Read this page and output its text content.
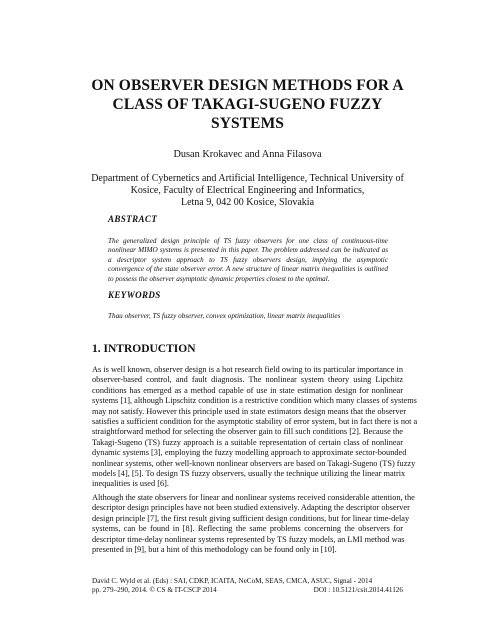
ON OBSERVER DESIGN METHODS FOR A
CLASS OF TAKAGI-SUGENO FUZZY
SYSTEMS
Dusan Krokavec and Anna Filasova
Department of Cybernetics and Artificial Intelligence, Technical University of
Kosice, Faculty of Electrical Engineering and Informatics,
Letna 9, 042 00 Kosice, Slovakia
ABSTRACT
The generalized design principle of TS fuzzy observers for one class of continuous-time
nonlinear MIMO systems is presented in this paper. The problem addressed can be indicated as
a descriptor system approach to TS fuzzy observers design, implying the asymptotic
convergence of the state observer error. A new structure of linear matrix inequalities is outlined
to possess the observer asymptotic dynamic properties closest to the optimal.
KEYWORDS
Thau observer, TS fuzzy observer, convex optimization, linear matrix inequalities
1. INTRODUCTION
As is well known, observer design is a hot research field owing to its particular importance in
observer-based control, and fault diagnosis. The nonlinear system theory using Lipchitz
conditions has emerged as a method capable of use in state estimation design for nonlinear
systems [1], although Lipschitz condition is a restrictive condition which many classes of systems
may not satisfy. However this principle used in state estimators design means that the observer
satisfies a sufficient condition for the asymptotic stability of error system, but in fact there is not a
straightforward method for selecting the observer gain to fill such conditions [2]. Because the
Takagi-Sugeno (TS) fuzzy approach is a suitable representation of certain class of nonlinear
dynamic systems [3], employing the fuzzy modelling approach to approximate sector-bounded
nonlinear systems, other well-known nonlinear observers are based on Takagi-Sugeno (TS) fuzzy
models [4], [5]. To design TS fuzzy observers, usually the technique utilizing the linear matrix
inequalities is used [6].
Although the state observers for linear and nonlinear systems received considerable attention, the
descriptor design principles have not been studied extensively. Adapting the descriptor observer
design principle [7], the first result giving sufficient design conditions, but for linear time-delay
systems, can be found in [8]. Reflecting the same problems concerning the observers for
descriptor time-delay nonlinear systems represented by TS fuzzy models, an LMI method was
presented in [9], but a hint of this methodology can be found only in [10].
David C. Wyld et al. (Eds) : SAI, CDKP, ICAITA, NeCoM, SEAS, CMCA, ASUC, Signal - 2014
pp. 279–290, 2014. © CS & IT-CSCP 2014	DOI : 10.5121/csit.2014.41126
